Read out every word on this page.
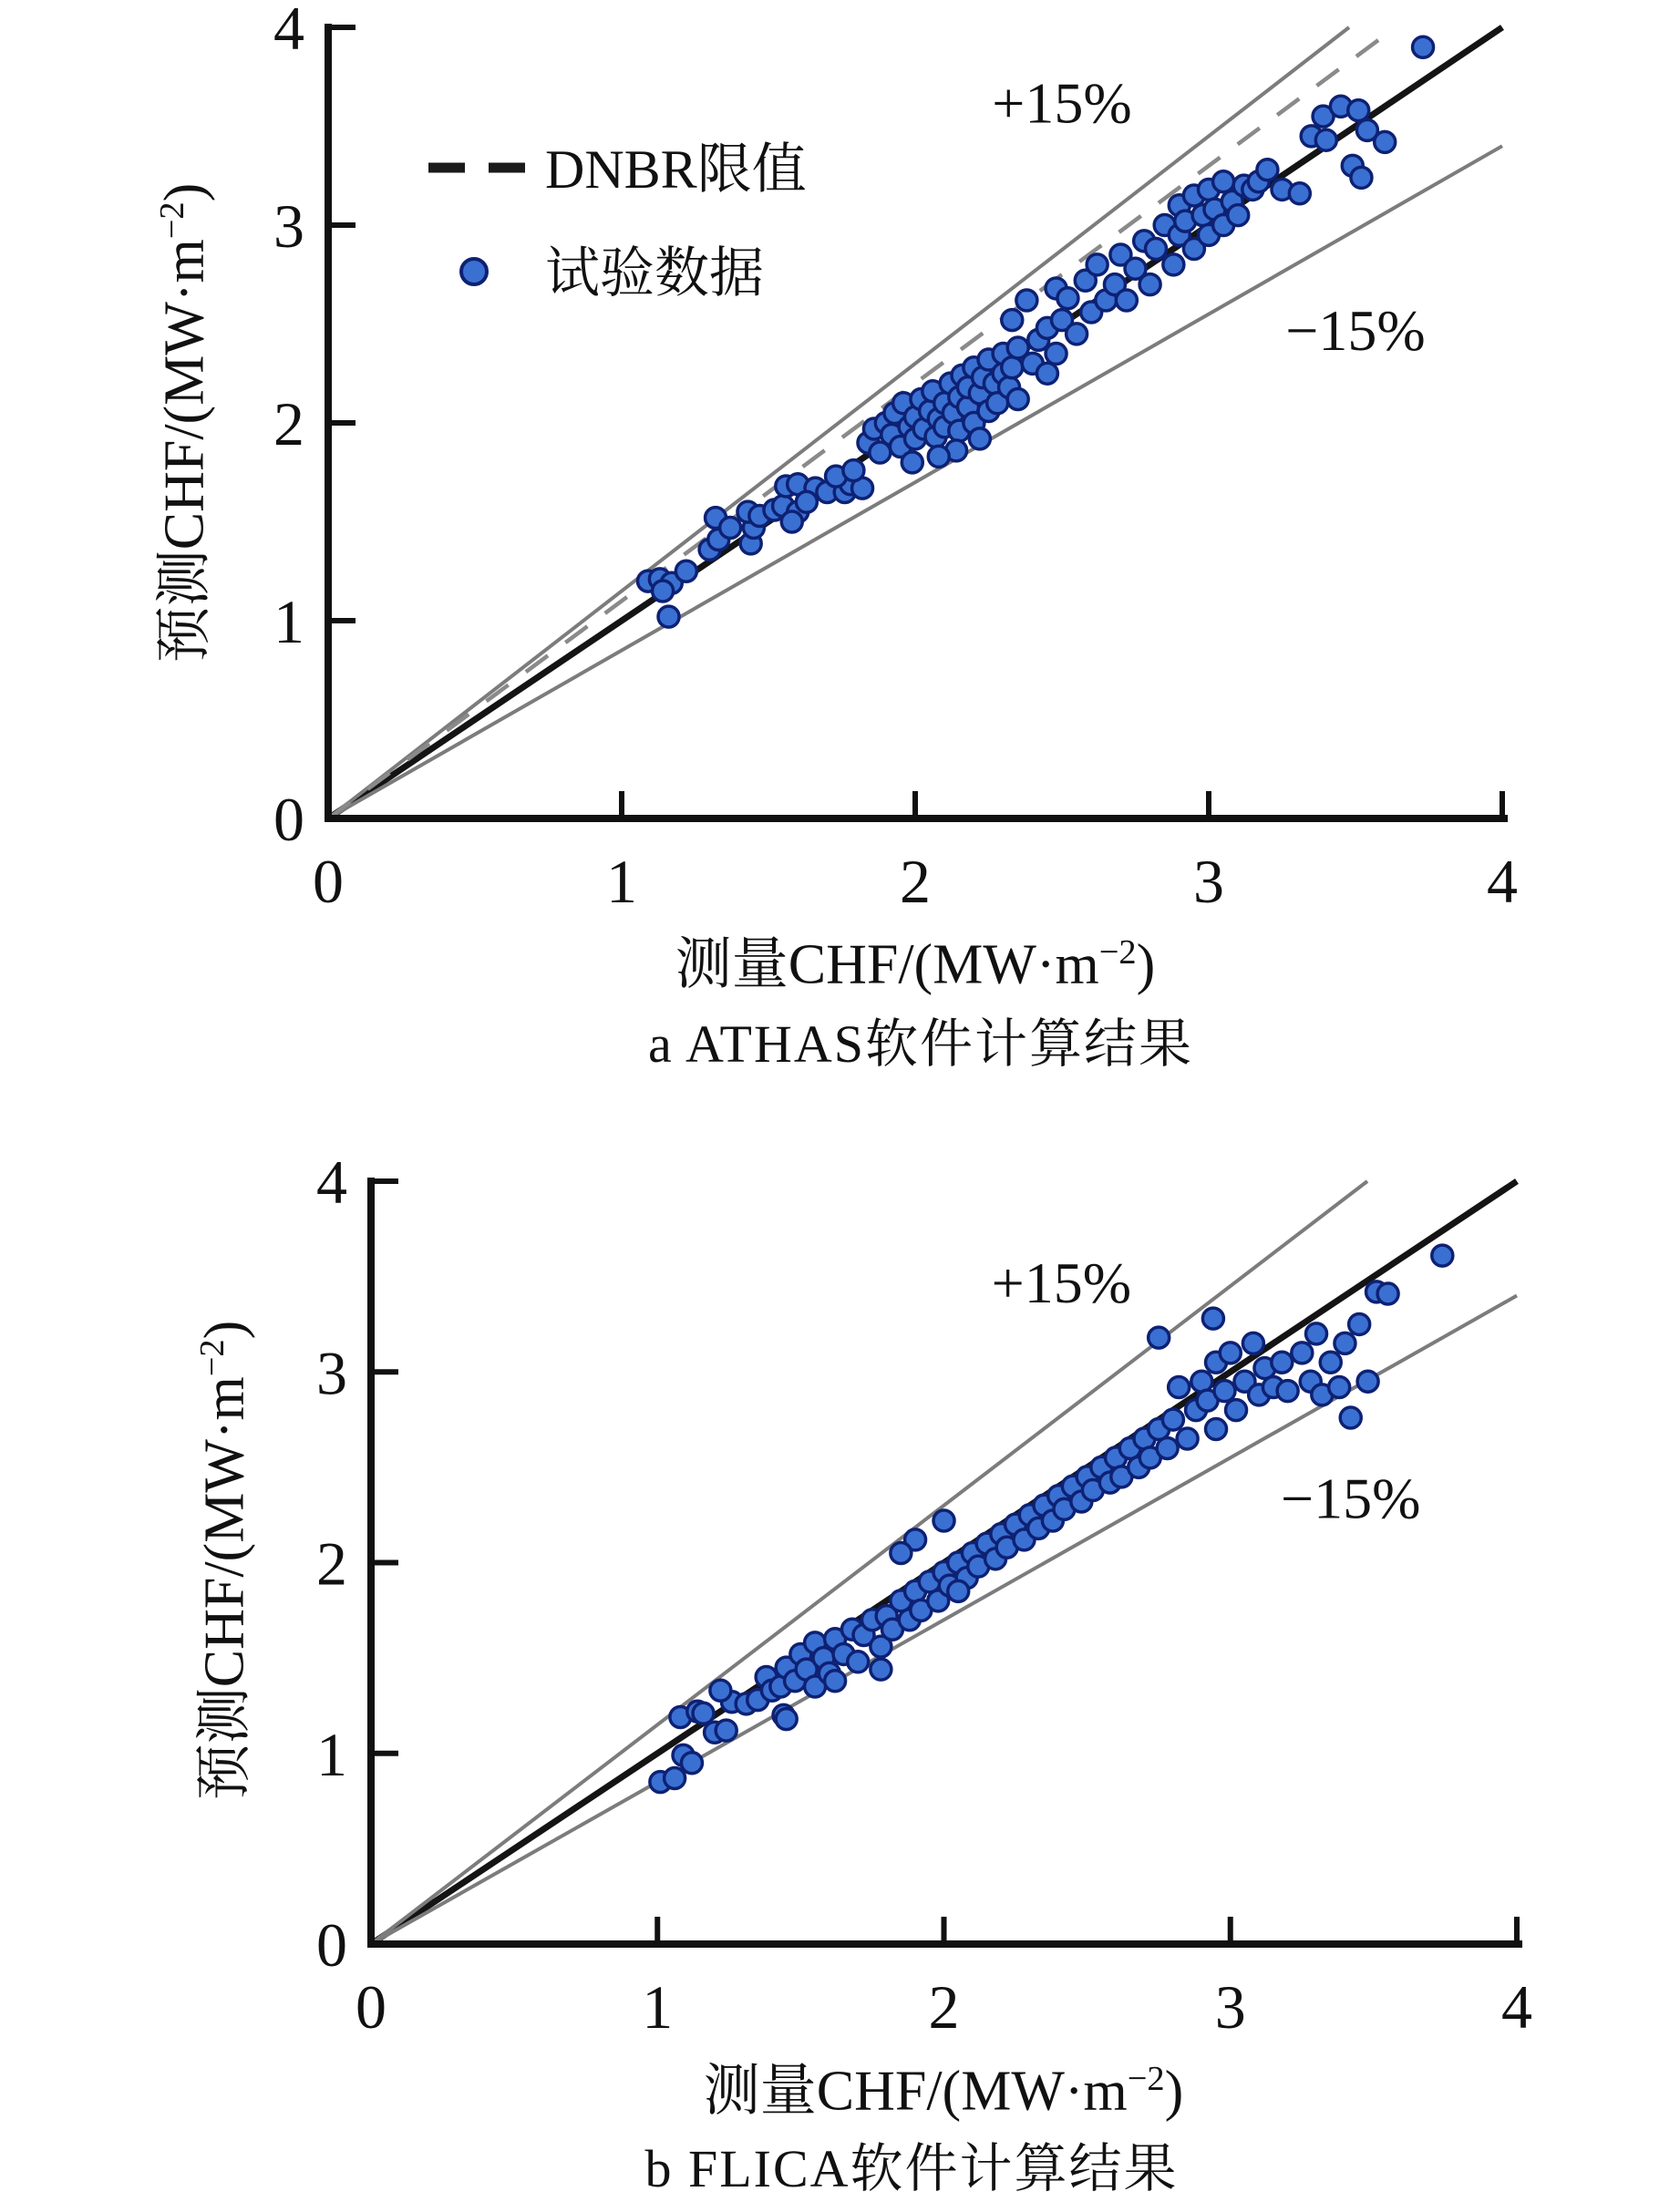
0	1	2	3	4
0
1
2
3
4
+15%
−15%
DNBR限值
试验数据
预测CHF/$(MW\cdot m^{-2})$
测量CHF/$(MW\cdot m^{-2})$
a ATHAS软件计算结果
0	1	2	3	4
0
1
2
3
4
+15%
−15%
预测CHF/$(MW\cdot m^{-2})$
测量CHF/$(MW\cdot m^{-2})$
b FLICA软件计算结果
